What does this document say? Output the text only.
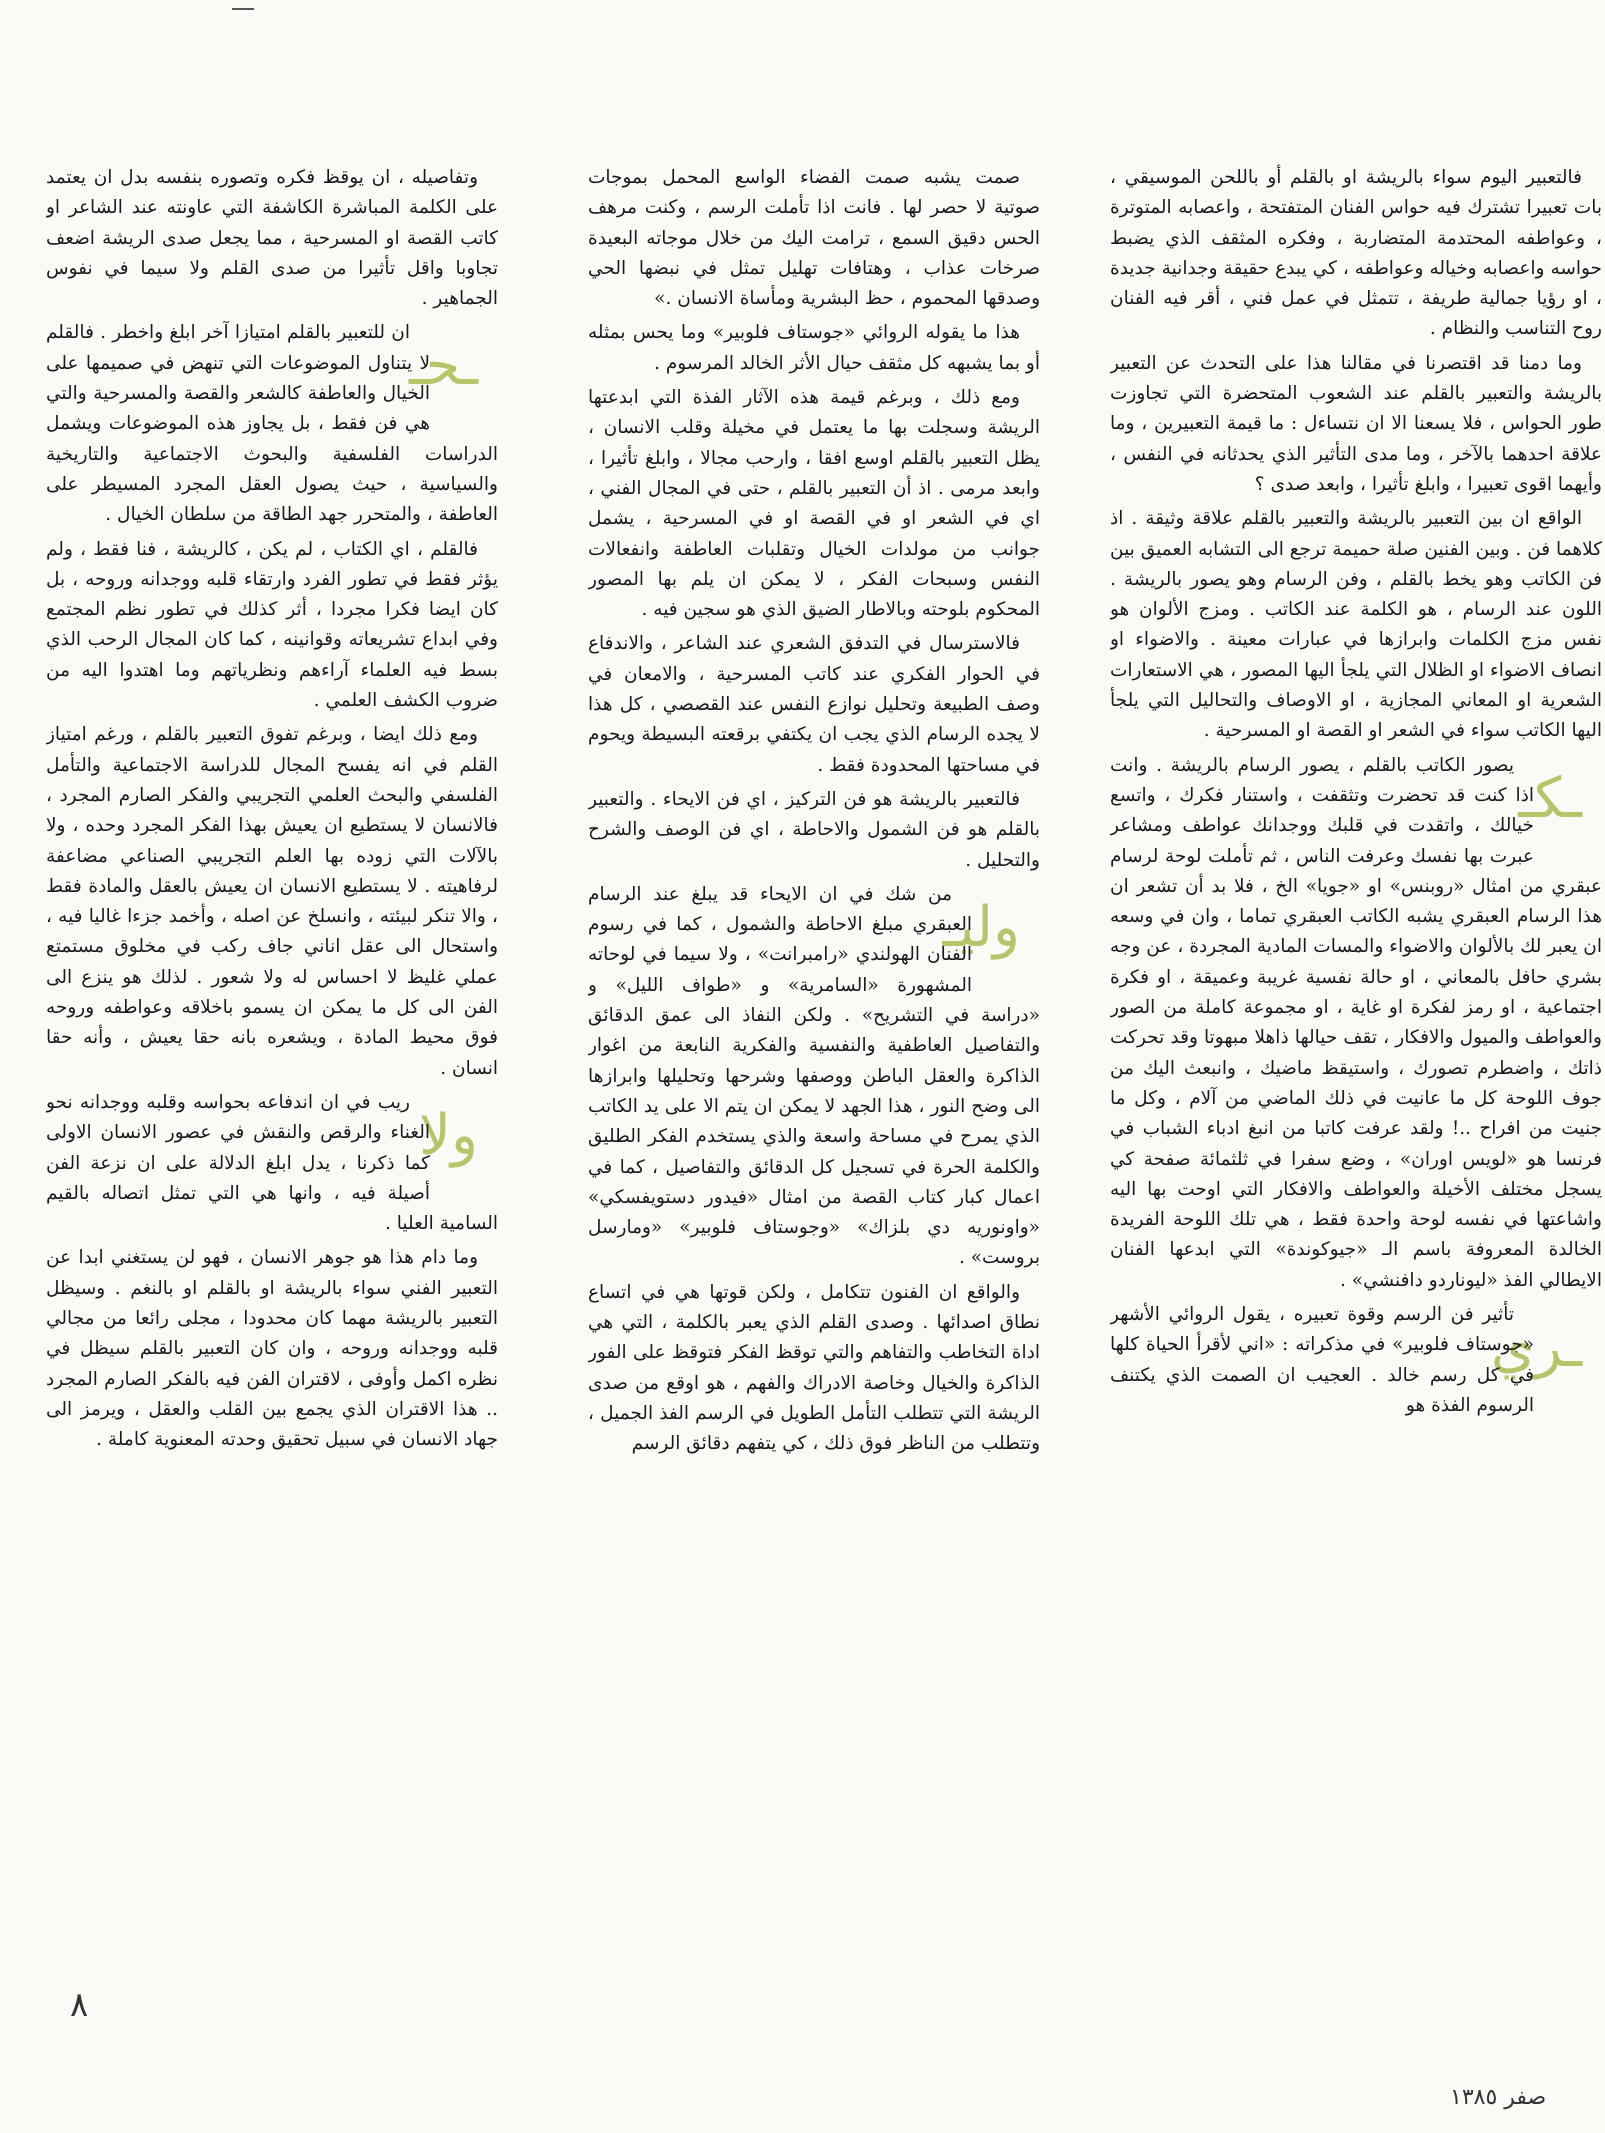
فالتعبير اليوم سواء بالريشة او بالقلم أو باللحن الموسيقي ، بات تعبيرا تشترك فيه حواس الفنان المتفتحة ، واعصابه المتوترة ، وعواطفه المحتدمة المتضاربة ، وفكره المثقف الذي يضبط حواسه واعصابه وخياله وعواطفه ، كي يبدع حقيقة وجدانية جديدة ، او رؤيا جمالية طريفة ، تتمثل في عمل فني ، أقر فيه الفنان روح التناسب والنظام .

وما دمنا قد اقتصرنا في مقالنا هذا على التحدث عن التعبير بالريشة والتعبير بالقلم عند الشعوب المتحضرة التي تجاوزت طور الحواس ، فلا يسعنا الا ان نتساءل : ما قيمة التعبيرين ، وما علاقة احدهما بالآخر ، وما مدى التأثير الذي يحدثانه في النفس ، وأيهما اقوى تعبيرا ، وابلغ تأثيرا ، وابعد صدى ؟

الواقع ان بين التعبير بالريشة والتعبير بالقلم علاقة وثيقة . اذ كلاهما فن . وبين الفنين صلة حميمة ترجع الى التشابه العميق بين فن الكاتب وهو يخط بالقلم ، وفن الرسام وهو يصور بالريشة . اللون عند الرسام ، هو الكلمة عند الكاتب . ومزج الألوان هو نفس مزج الكلمات وابرازها في عبارات معينة . والاضواء او انصاف الاضواء او الظلال التي يلجأ اليها المصور ، هي الاستعارات الشعرية او المعاني المجازية ، او الاوصاف والتحاليل التي يلجأ اليها الكاتب سواء في الشعر او القصة او المسرحية .

ـكـ
يصور الكاتب بالقلم ، يصور الرسام بالريشة . وانت اذا كنت قد تحضرت وتثقفت ، واستنار فكرك ، واتسع خيالك ، واتقدت في قلبك ووجدانك عواطف ومشاعر عبرت بها نفسك وعرفت الناس ، ثم تأملت لوحة لرسام عبقري من امثال «روبنس» او «جويا» الخ ، فلا بد أن تشعر ان هذا الرسام العبقري يشبه الكاتب العبقري تماما ، وان في وسعه ان يعبر لك بالألوان والاضواء والمسات المادية المجردة ، عن وجه بشري حافل بالمعاني ، او حالة نفسية غريبة وعميقة ، او فكرة اجتماعية ، او رمز لفكرة او غاية ، او مجموعة كاملة من الصور والعواطف والميول والافكار ، تقف حيالها ذاهلا مبهوتا وقد تحركت ذاتك ، واضطرم تصورك ، واستيقظ ماضيك ، وانبعث اليك من جوف اللوحة كل ما عانيت في ذلك الماضي من آلام ، وكل ما جنيت من افراح ..! ولقد عرفت كاتبا من انبغ ادباء الشباب في فرنسا هو «لويس اوران» ، وضع سفرا في ثلثمائة صفحة كي يسجل مختلف الأخيلة والعواطف والافكار التي اوحت بها اليه واشاعتها في نفسه لوحة واحدة فقط ، هي تلك اللوحة الفريدة الخالدة المعروفة باسم الـ «جيوكوندة» التي ابدعها الفنان الايطالي الفذ «ليوناردو دافنشي» .

ـري
تأثير فن الرسم وقوة تعبيره ، يقول الروائي الأشهر «جوستاف فلوبير» في مذكراته : «اني لأقرأ الحياة كلها في كل رسم خالد . العجيب ان الصمت الذي يكتنف الرسوم الفذة هو

صمت يشبه صمت الفضاء الواسع المحمل بموجات صوتية لا حصر لها . فانت اذا تأملت الرسم ، وكنت مرهف الحس دقيق السمع ، ترامت اليك من خلال موجاته البعيدة صرخات عذاب ، وهتافات تهليل تمثل في نبضها الحي وصدقها المحموم ، حظ البشرية ومأساة الانسان .»

هذا ما يقوله الروائي «جوستاف فلوبير» وما يحس بمثله أو بما يشبهه كل مثقف حيال الأثر الخالد المرسوم .

ومع ذلك ، وبرغم قيمة هذه الآثار الفذة التي ابدعتها الريشة وسجلت بها ما يعتمل في مخيلة وقلب الانسان ، يظل التعبير بالقلم اوسع افقا ، وارحب مجالا ، وابلغ تأثيرا ، وابعد مرمى . اذ أن التعبير بالقلم ، حتى في المجال الفني ، اي في الشعر او في القصة او في المسرحية ، يشمل جوانب من مولدات الخيال وتقلبات العاطفة وانفعالات النفس وسبحات الفكر ، لا يمكن ان يلم بها المصور المحكوم بلوحته وبالاطار الضيق الذي هو سجين فيه .

فالاسترسال في التدفق الشعري عند الشاعر ، والاندفاع في الحوار الفكري عند كاتب المسرحية ، والامعان في وصف الطبيعة وتحليل نوازع النفس عند القصصي ، كل هذا لا يجده الرسام الذي يجب ان يكتفي برقعته البسيطة ويحوم في مساحتها المحدودة فقط .

فالتعبير بالريشة هو فن التركيز ، اي فن الايحاء . والتعبير بالقلم هو فن الشمول والاحاطة ، اي فن الوصف والشرح والتحليل .

وليـ
من شك في ان الايحاء قد يبلغ عند الرسام العبقري مبلغ الاحاطة والشمول ، كما في رسوم الفنان الهولندي «رامبرانت» ، ولا سيما في لوحاته المشهورة «السامرية» و «طواف الليل» و «دراسة في التشريح» . ولكن النفاذ الى عمق الدقائق والتفاصيل العاطفية والنفسية والفكرية النابعة من اغوار الذاكرة والعقل الباطن ووصفها وشرحها وتحليلها وابرازها الى وضح النور ، هذا الجهد لا يمكن ان يتم الا على يد الكاتب الذي يمرح في مساحة واسعة والذي يستخدم الفكر الطليق والكلمة الحرة في تسجيل كل الدقائق والتفاصيل ، كما في اعمال كبار كتاب القصة من امثال «فيدور دستويفسكي» «واونوريه دي بلزاك» «وجوستاف فلوبير» «ومارسل بروست» .

والواقع ان الفنون تتكامل ، ولكن قوتها هي في اتساع نطاق اصدائها . وصدى القلم الذي يعبر بالكلمة ، التي هي اداة التخاطب والتفاهم والتي توقظ الفكر فتوقظ على الفور الذاكرة والخيال وخاصة الادراك والفهم ، هو اوقع من صدى الريشة التي تتطلب التأمل الطويل في الرسم الفذ الجميل ، وتتطلب من الناظر فوق ذلك ، كي يتفهم دقائق الرسم

وتفاصيله ، ان يوقظ فكره وتصوره بنفسه بدل ان يعتمد على الكلمة المباشرة الكاشفة التي عاونته عند الشاعر او كاتب القصة او المسرحية ، مما يجعل صدى الريشة اضعف تجاوبا واقل تأثيرا من صدى القلم ولا سيما في نفوس الجماهير .

ـحـ
ان للتعبير بالقلم امتيازا آخر ابلغ واخطر . فالقلم لا يتناول الموضوعات التي تنهض في صميمها على الخيال والعاطفة كالشعر والقصة والمسرحية والتي هي فن فقط ، بل يجاوز هذه الموضوعات ويشمل الدراسات الفلسفية والبحوث الاجتماعية والتاريخية والسياسية ، حيث يصول العقل المجرد المسيطر على العاطفة ، والمتحرر جهد الطاقة من سلطان الخيال .

فالقلم ، اي الكتاب ، لم يكن ، كالريشة ، فنا فقط ، ولم يؤثر فقط في تطور الفرد وارتقاء قلبه ووجدانه وروحه ، بل كان ايضا فكرا مجردا ، أثر كذلك في تطور نظم المجتمع وفي ابداع تشريعاته وقوانينه ، كما كان المجال الرحب الذي بسط فيه العلماء آراءهم ونظرياتهم وما اهتدوا اليه من ضروب الكشف العلمي .

ومع ذلك ايضا ، وبرغم تفوق التعبير بالقلم ، ورغم امتياز القلم في انه يفسح المجال للدراسة الاجتماعية والتأمل الفلسفي والبحث العلمي التجريبي والفكر الصارم المجرد ، فالانسان لا يستطيع ان يعيش بهذا الفكر المجرد وحده ، ولا بالآلات التي زوده بها العلم التجريبي الصناعي مضاعفة لرفاهيته . لا يستطيع الانسان ان يعيش بالعقل والمادة فقط ، والا تنكر لبيئته ، وانسلخ عن اصله ، وأخمد جزءا غاليا فيه ، واستحال الى عقل اناني جاف ركب في مخلوق مستمتع عملي غليظ لا احساس له ولا شعور . لذلك هو ينزع الى الفن الى كل ما يمكن ان يسمو باخلاقه وعواطفه وروحه فوق محيط المادة ، ويشعره بانه حقا يعيش ، وأنه حقا انسان .

ولا
ريب في ان اندفاعه بحواسه وقلبه ووجدانه نحو الغناء والرقص والنقش في عصور الانسان الاولى كما ذكرنا ، يدل ابلغ الدلالة على ان نزعة الفن أصيلة فيه ، وانها هي التي تمثل اتصاله بالقيم السامية العليا .

وما دام هذا هو جوهر الانسان ، فهو لن يستغني ابدا عن التعبير الفني سواء بالريشة او بالقلم او بالنغم . وسيظل التعبير بالريشة مهما كان محدودا ، مجلى رائعا من مجالي قلبه ووجدانه وروحه ، وان كان التعبير بالقلم سيظل في نظره اكمل وأوفى ، لاقتران الفن فيه بالفكر الصارم المجرد .. هذا الاقتران الذي يجمع بين القلب والعقل ، ويرمز الى جهاد الانسان في سبيل تحقيق وحدته المعنوية كاملة .

٨
صفر ١٣٨٥
